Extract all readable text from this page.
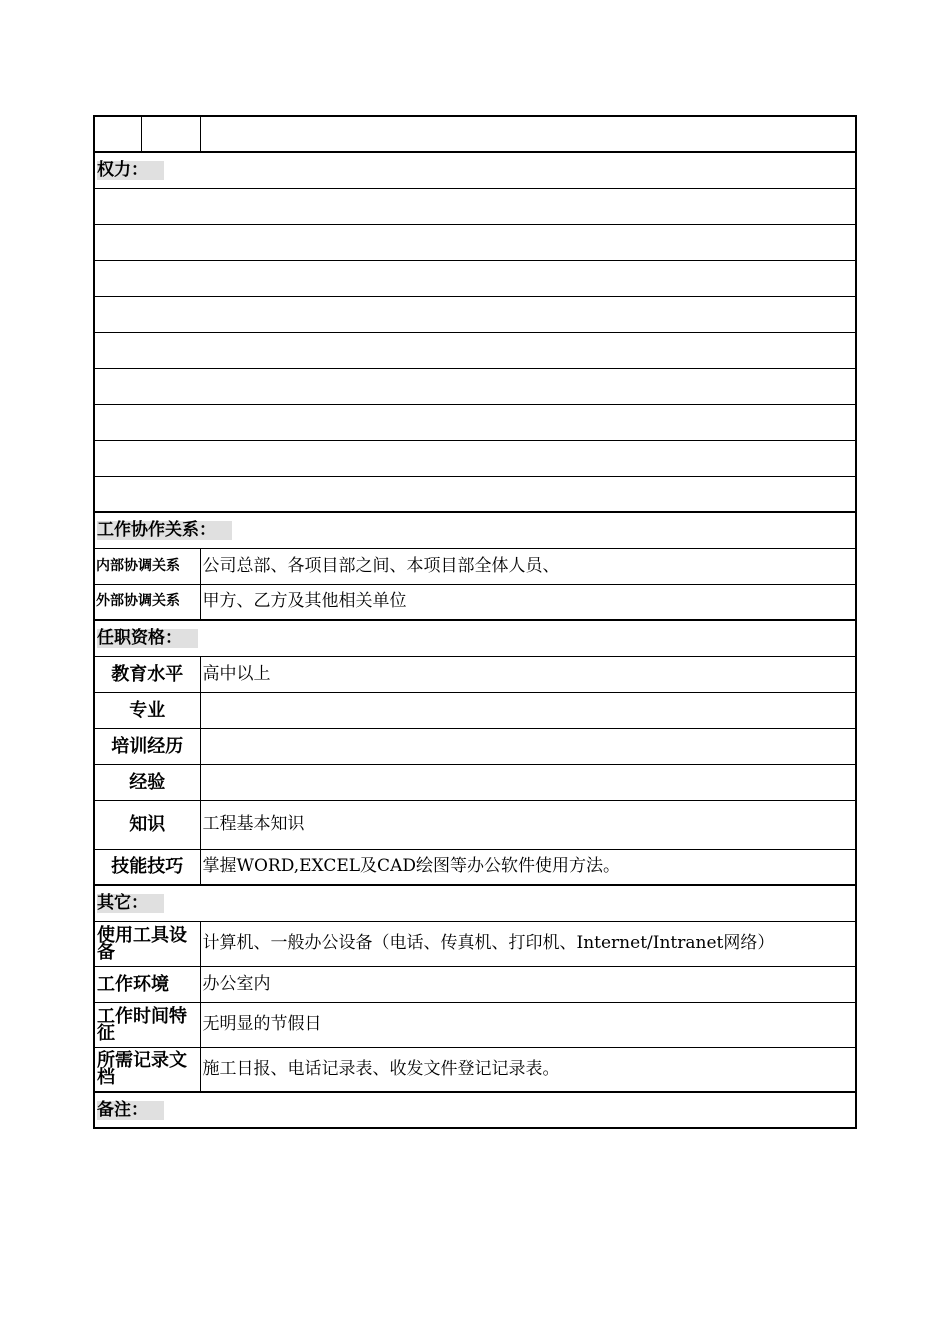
权力：		

工作协作关系：		
内部协调关系		公司总部、各项目部之间、本项目部全体人员、
外部协调关系		甲方、乙方及其他相关单位
任职资格：		
教育水平		高中以上
专业		
培训经历		
经验		
知识		工程基本知识
技能技巧		掌握WORD,EXCEL及CAD绘图等办公软件使用方法。
其它：		
使用工具设备		计算机、一般办公设备（电话、传真机、打印机、Internet/Intranet网络）
工作环境		办公室内
工作时间特征		无明显的节假日
所需记录文档		施工日报、电话记录表、收发文件登记记录表。
备注：		
